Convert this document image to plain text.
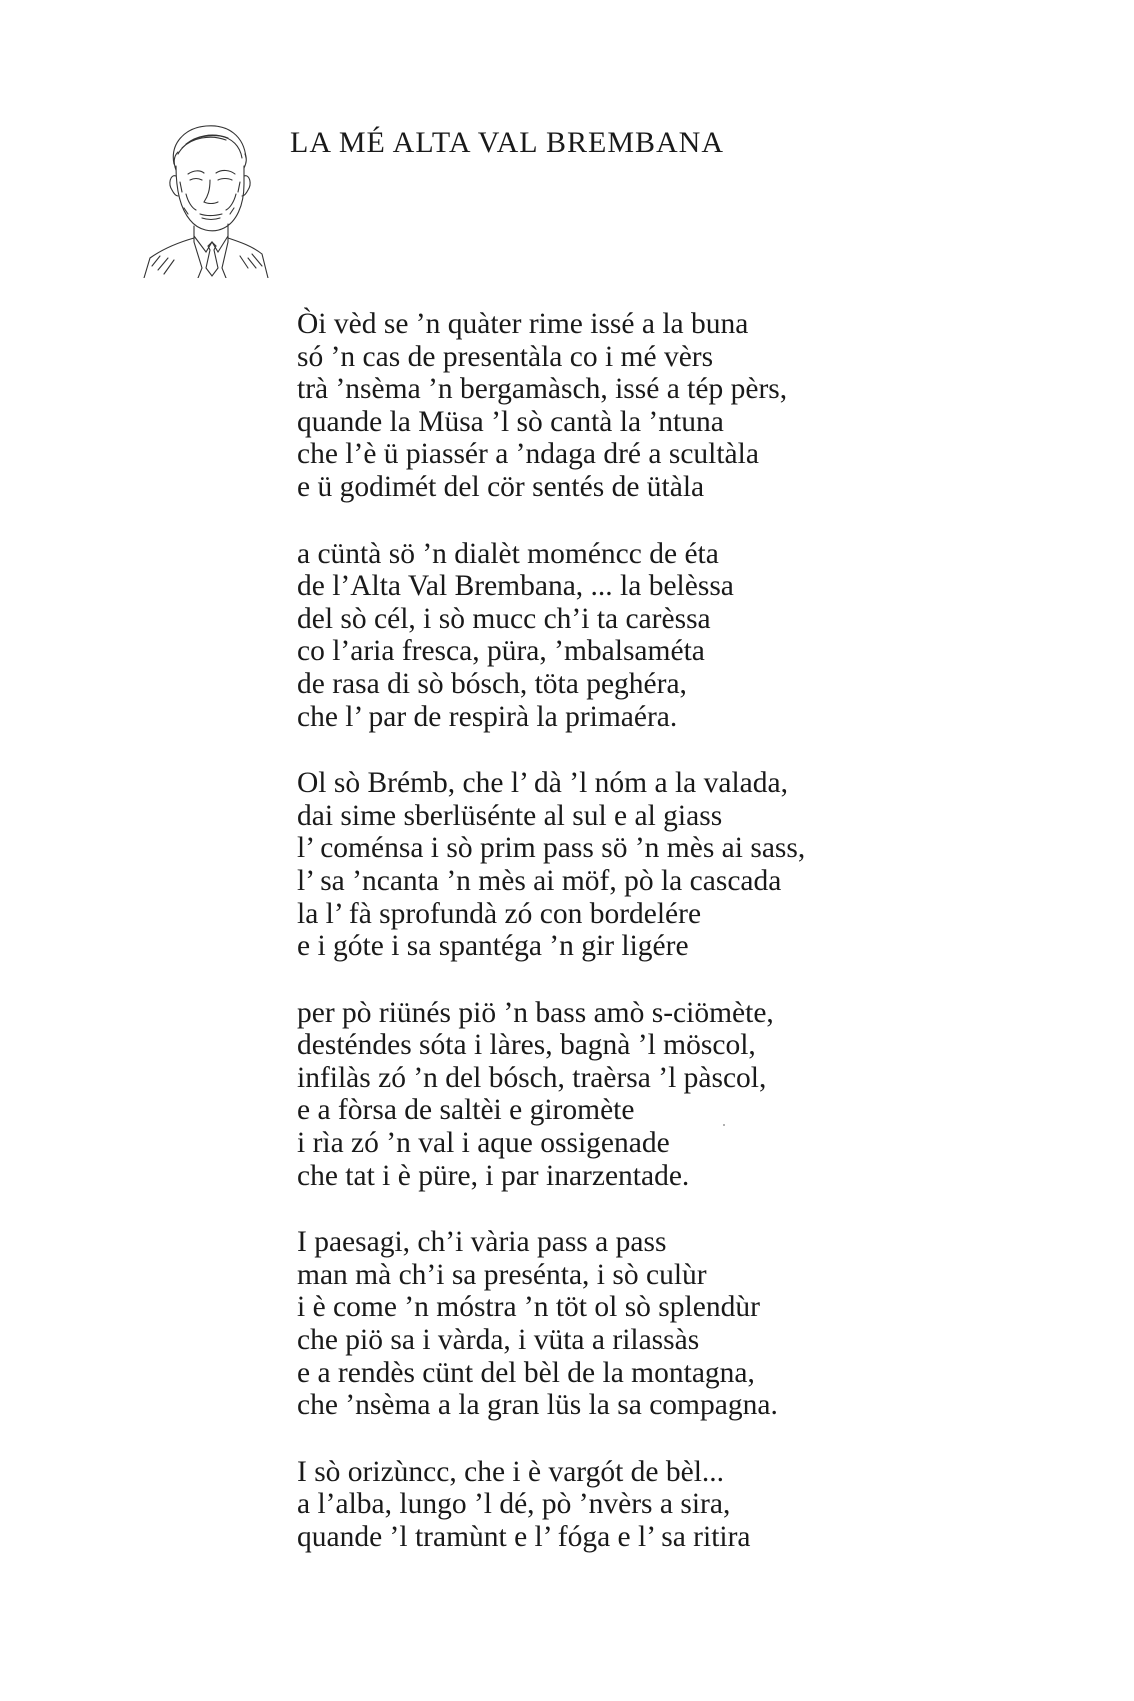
LA MÉ ALTA VAL BREMBANA
Òi vèd se ’n quàter rime issé a la buna
só ’n cas de presentàla co i mé vèrs
trà ’nsèma ’n bergamàsch, issé a tép pèrs,
quande la Müsa ’l sò cantà la ’ntuna
che l’è ü piassér a ’ndaga dré a scultàla
e ü godimét del cör sentés de ütàla
a cüntà sö ’n dialèt moméncc de éta
de l’Alta Val Brembana, ... la belèssa
del sò cél, i sò mucc ch’i ta carèssa
co l’aria fresca, püra, ’mbalsaméta
de rasa di sò bósch, töta peghéra,
che l’ par de respirà la primaéra.
Ol sò Brémb, che l’ dà ’l nóm a la valada,
dai sime sberlüsénte al sul e al giass
l’ coménsa i sò prim pass sö ’n mès ai sass,
l’ sa ’ncanta ’n mès ai möf, pò la cascada
la l’ fà sprofundà zó con bordelére
e i góte i sa spantéga ’n gir ligére
per pò riünés piö ’n bass amò s-ciömète,
desténdes sóta i làres, bagnà ’l möscol,
infilàs zó ’n del bósch, traèrsa ’l pàscol,
e a fòrsa de saltèi e giromète
i rìa zó ’n val i aque ossigenade
che tat i è püre, i par inarzentade.
I paesagi, ch’i vària pass a pass
man mà ch’i sa preséntа, i sò culùr
i è come ’n móstra ’n töt ol sò splendùr
che piö sa i vàrda, i vüta a rilassàs
e a rendès cünt del bèl de la montagna,
che ’nsèma a la gran lüs la sa compagna.
I sò orizùncc, che i è vargót de bèl...
a l’alba, lungo ’l dé, pò ’nvèrs a sira,
quande ’l tramùnt e l’ fóga e l’ sa ritira
